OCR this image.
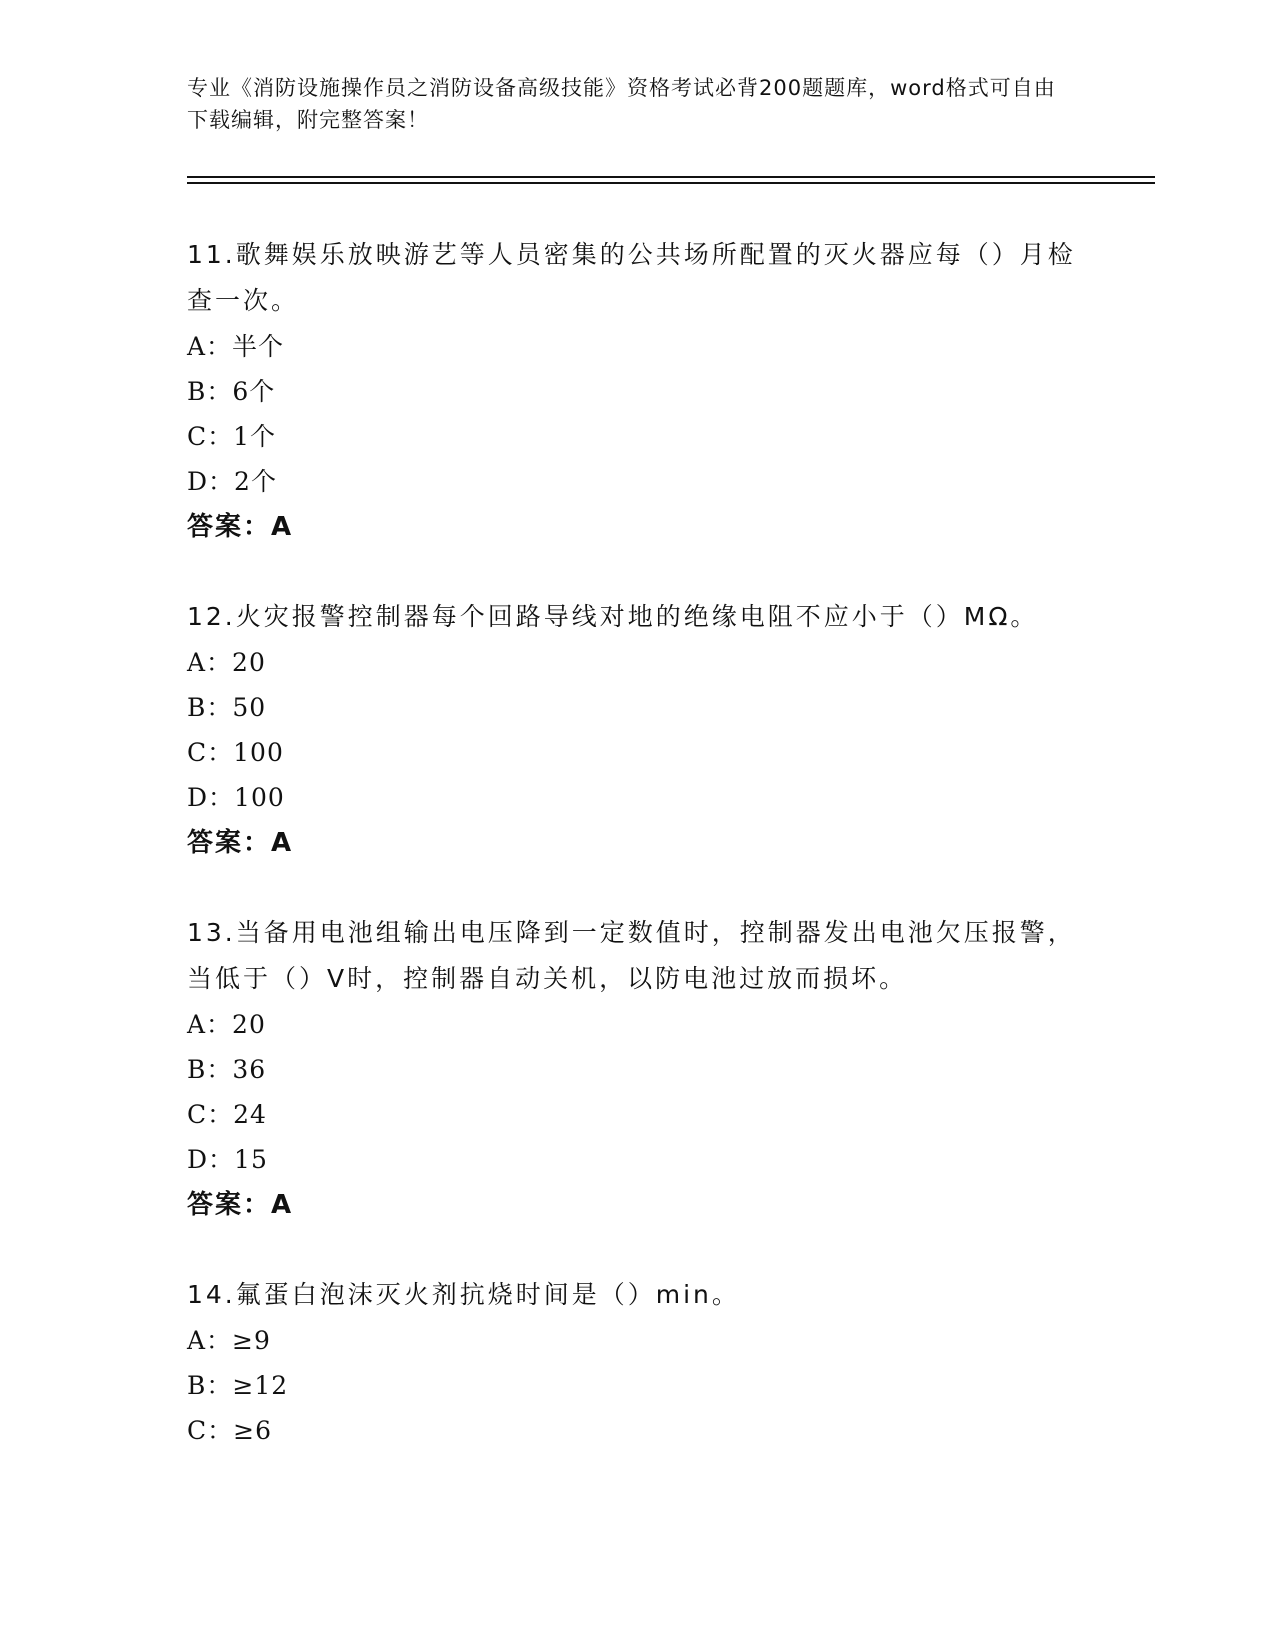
专业《消防设施操作员之消防设备高级技能》资格考试必背200题题库，word格式可自由下载编辑，附完整答案！

11.歌舞娱乐放映游艺等人员密集的公共场所配置的灭火器应每（）月检查一次。

A：半个

B：6个

C：1个

D：2个

答案：A

12.火灾报警控制器每个回路导线对地的绝缘电阻不应小于（）MΩ。

A：20

B：50

C：100

D：100

答案：A

13.当备用电池组输出电压降到一定数值时，控制器发出电池欠压报警，当低于（）V时，控制器自动关机，以防电池过放而损坏。

A：20

B：36

C：24

D：15

答案：A

14.氟蛋白泡沫灭火剂抗烧时间是（）min。

A：≥9

B：≥12

C：≥6
